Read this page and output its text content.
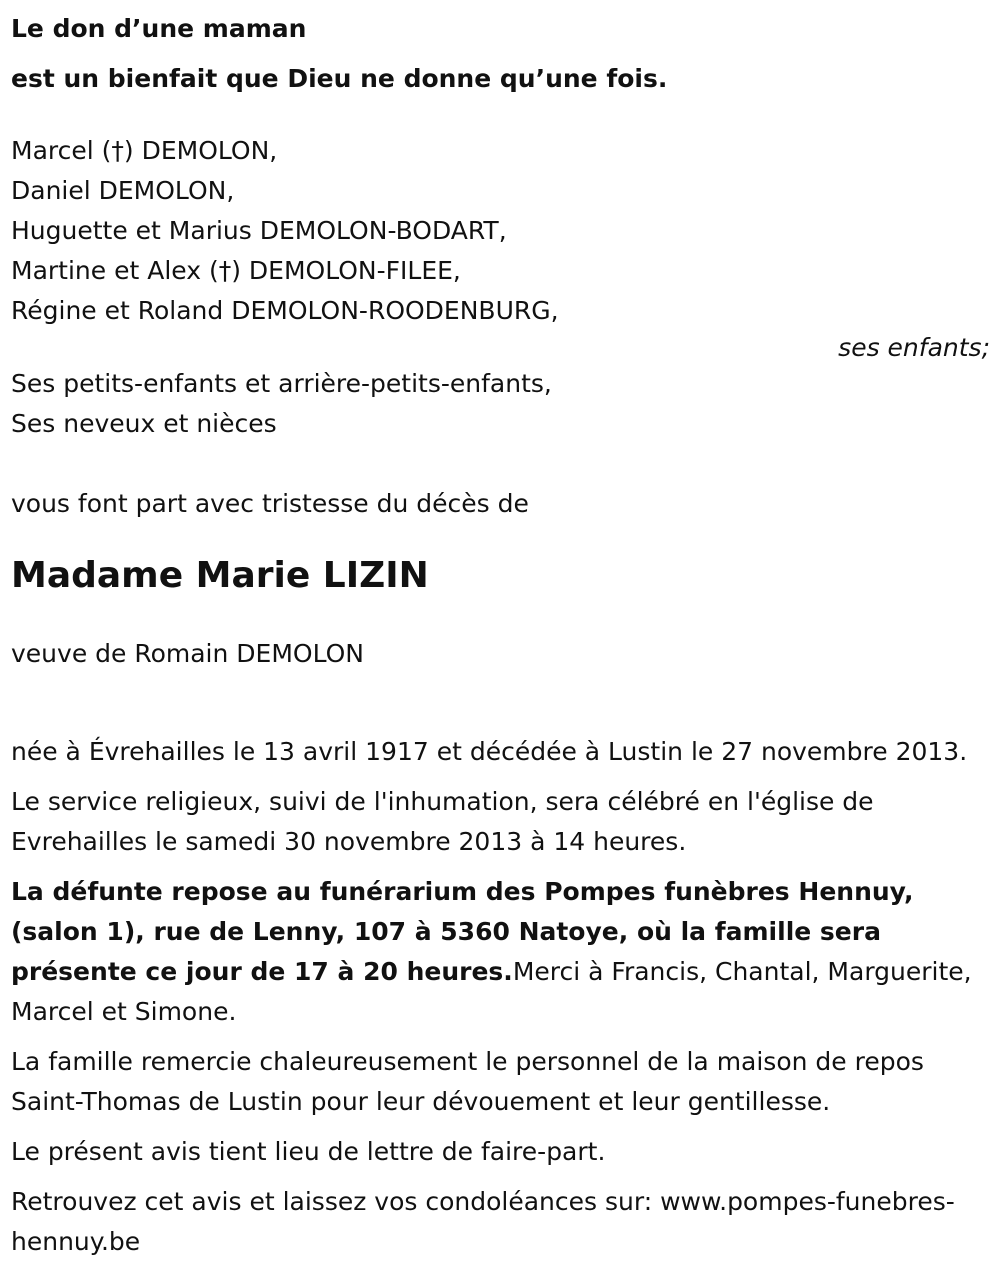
Le don d’une maman
est un bienfait que Dieu ne donne qu’une fois.
Marcel (†) DEMOLON,
Daniel DEMOLON,
Huguette et Marius DEMOLON-BODART,
Martine et Alex (†) DEMOLON-FILEE,
Régine et Roland DEMOLON-ROODENBURG,
ses enfants;
Ses petits-enfants et arrière-petits-enfants,
Ses neveux et nièces
vous font part avec tristesse du décès de
Madame Marie LIZIN
veuve de Romain DEMOLON

née à Évrehailles le 13 avril 1917 et décédée à Lustin le 27 novembre 2013.

Le service religieux, suivi de l'inhumation, sera célébré en l'église de Evrehailles le samedi 30 novembre 2013 à 14 heures.

La défunte repose au funérarium des Pompes funèbres Hennuy, (salon 1), rue de Lenny, 107 à 5360 Natoye, où la famille sera présente ce jour de 17 à 20 heures.Merci à Francis, Chantal, Marguerite, Marcel et Simone.

La famille remercie chaleureusement le personnel de la maison de repos Saint-Thomas de Lustin pour leur dévouement et leur gentillesse.

Le présent avis tient lieu de lettre de faire-part.

Retrouvez cet avis et laissez vos condoléances sur: www.pompes-funebres-hennuy.be
